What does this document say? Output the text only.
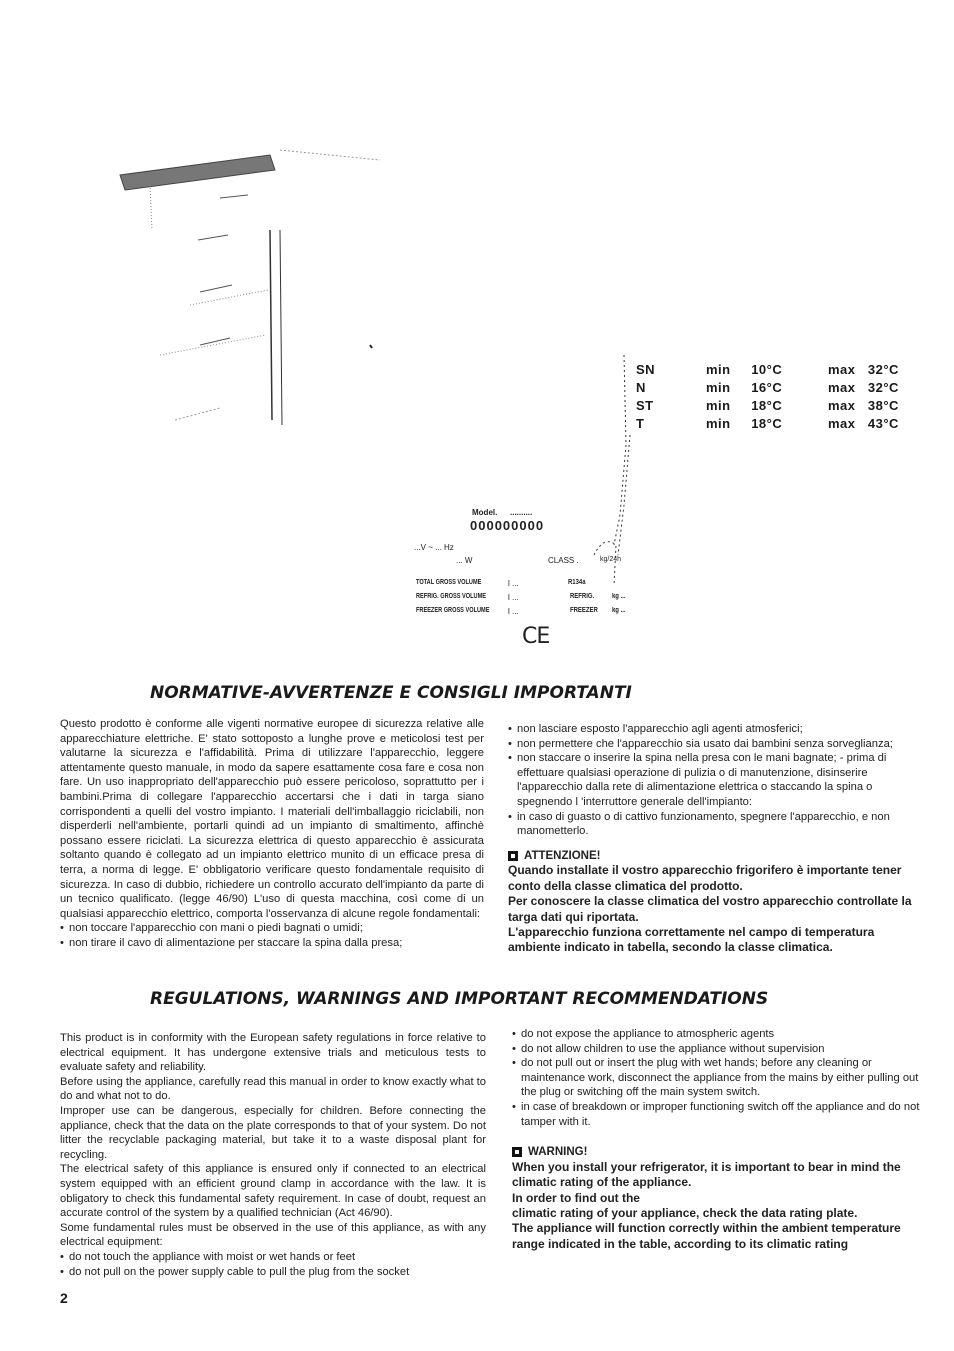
SN	min 10°C	max 32°C
N	min 16°C	max 32°C
ST	min 18°C	max 38°C
T	min 18°C	max 43°C
Model. ..........
000000000
...V ~ ... Hz
... W	CLASS .	kg/24h
TOTAL GROSS VOLUME	l ...	R134a
REFRIG. GROSS VOLUME	l ...	REFRIG.	kg ...
FREEZER GROSS VOLUME l ...	FREEZER kg ...
CE
NORMATIVE-AVVERTENZE E CONSIGLI IMPORTANTI

Questo prodotto è conforme alle vigenti normative europee di sicurezza relative alle apparecchiature elettriche. E' stato sottoposto a lunghe prove e meticolosi test per valutarne la sicurezza e l'affidabilità. Prima di utilizzare l'apparecchio, leggere attentamente questo manuale, in modo da sapere esattamente cosa fare e cosa non fare. Un uso inappropriato dell'apparecchio può essere pericoloso, soprattutto per i bambini.Prima di collegare l'apparecchio accertarsi che i dati in targa siano corrispondenti a quelli del vostro impianto. I materiali dell'imballaggio riciclabili, non disperderli nell'ambiente, portarli quindi ad un impianto di smaltimento, affinchè possano essere riciclati. La sicurezza elettrica di questo apparecchio è assicurata soltanto quando è collegato ad un impianto elettrico munito di un efficace presa di terra, a norma di legge. E' obbligatorio verificare questo fondamentale requisito di sicurezza. In caso di dubbio, richiedere un controllo accurato dell'impianto da parte di un tecnico qualificato. (legge 46/90) L'uso di questa macchina, così come di un qualsiasi apparecchio elettrico, comporta l'osservanza di alcune regole fondamentali:

• non toccare l'apparecchio con mani o piedi bagnati o umidi;
• non tirare il cavo di alimentazione per staccare la spina dalla presa;
• non lasciare esposto l'apparecchio agli agenti atmosferici;
• non permettere che l'apparecchio sia usato dai bambini senza sorveglianza;
• non staccare o inserire la spina nella presa con le mani bagnate; - prima di effettuare qualsiasi operazione di pulizia o di manutenzione, disinserire l'apparecchio dalla rete di alimentazione elettrica o staccando la spina o spegnendo l 'interruttore generale dell'impianto:
• in caso di guasto o di cattivo funzionamento, spegnere l'apparecchio, e non manometterlo.
ATTENZIONE!

Quando installate il vostro apparecchio frigorifero è importante tener conto della classe climatica del prodotto.

Per conoscere la classe climatica del vostro apparecchio controllate la targa dati qui riportata.

L'apparecchio funziona correttamente nel campo di temperatura ambiente indicato in tabella, secondo la classe climatica.

REGULATIONS, WARNINGS AND IMPORTANT RECOMMENDATIONS

This product is in conformity with the European safety regulations in force relative to electrical equipment. It has undergone extensive trials and meticulous tests to evaluate safety and reliability.

Before using the appliance, carefully read this manual in order to know exactly what to do and what not to do.

Improper use can be dangerous, especially for children. Before connecting the appliance, check that the data on the plate corresponds to that of your system. Do not litter the recyclable packaging material, but take it to a waste disposal plant for recycling.

The electrical safety of this appliance is ensured only if connected to an electrical system equipped with an efficient ground clamp in accordance with the law. It is obligatory to check this fundamental safety requirement. In case of doubt, request an accurate control of the system by a qualified technician (Act 46/90).

Some fundamental rules must be observed in the use of this appliance, as with any electrical equipment:

• do not touch the appliance with moist or wet hands or feet
• do not pull on the power supply cable to pull the plug from the socket
• do not expose the appliance to atmospheric agents
• do not allow children to use the appliance without supervision
• do not pull out or insert the plug with wet hands; before any cleaning or maintenance work, disconnect the appliance from the mains by either pulling out the plug or switching off the main system switch.
• in case of breakdown or improper functioning switch off the appliance and do not tamper with it.
WARNING!

When you install your refrigerator, it is important to bear in mind the climatic rating of the appliance.

In order to find out the

climatic rating of your appliance, check the data rating plate.

The appliance will function correctly within the ambient temperature range indicated in the table, according to its climatic rating

2
